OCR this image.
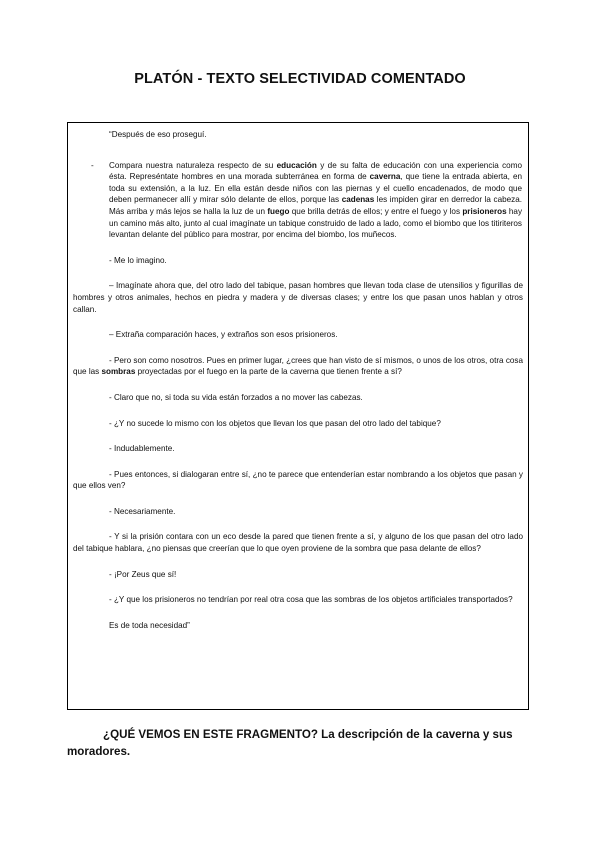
PLATÓN - TEXTO SELECTIVIDAD COMENTADO

“Después de eso proseguí.

-	Compara nuestra naturaleza respecto de su educación y de su falta de educación con una experiencia como ésta. Represéntate hombres en una morada subterránea en forma de caverna, que tiene la entrada abierta, en toda su extensión, a la luz. En ella están desde niños con las piernas y el cuello encadenados, de modo que deben permanecer allí y mirar sólo delante de ellos, porque las cadenas les impiden girar en derredor la cabeza. Más arriba y más lejos se halla la luz de un fuego que brilla detrás de ellos; y entre el fuego y los prisioneros hay un camino más alto, junto al cual imagínate un tabique construido de lado a lado, como el biombo que los titiriteros levantan delante del público para mostrar, por encima del biombo, los muñecos.

- Me lo imagino.

– Imagínate ahora que, del otro lado del tabique, pasan hombres que llevan toda clase de utensilios y figurillas de hombres y otros animales, hechos en piedra y madera y de diversas clases; y entre los que pasan unos hablan y otros callan.

– Extraña comparación haces, y extraños son esos prisioneros.

- Pero son como nosotros. Pues en primer lugar, ¿crees que han visto de sí mismos, o unos de los otros, otra cosa que las sombras proyectadas por el fuego en la parte de la caverna que tienen frente a sí?

- Claro que no, si toda su vida están forzados a no mover las cabezas.

- ¿Y no sucede lo mismo con los objetos que llevan los que pasan del otro lado del tabique?

- Indudablemente.

- Pues entonces, si dialogaran entre sí, ¿no te parece que entenderían estar nombrando a los objetos que pasan y que ellos ven?

- Necesariamente.

- Y si la prisión contara con un eco desde la pared que tienen frente a sí, y alguno de los que pasan del otro lado del tabique hablara, ¿no piensas que creerían que lo que oyen proviene de la sombra que pasa delante de ellos?

- ¡Por Zeus que sí!

- ¿Y que los prisioneros no tendrían por real otra cosa que las sombras de los objetos artificiales transportados?

Es de toda necesidad”

¿QUÉ VEMOS EN ESTE FRAGMENTO? La descripción de la caverna y sus moradores.
